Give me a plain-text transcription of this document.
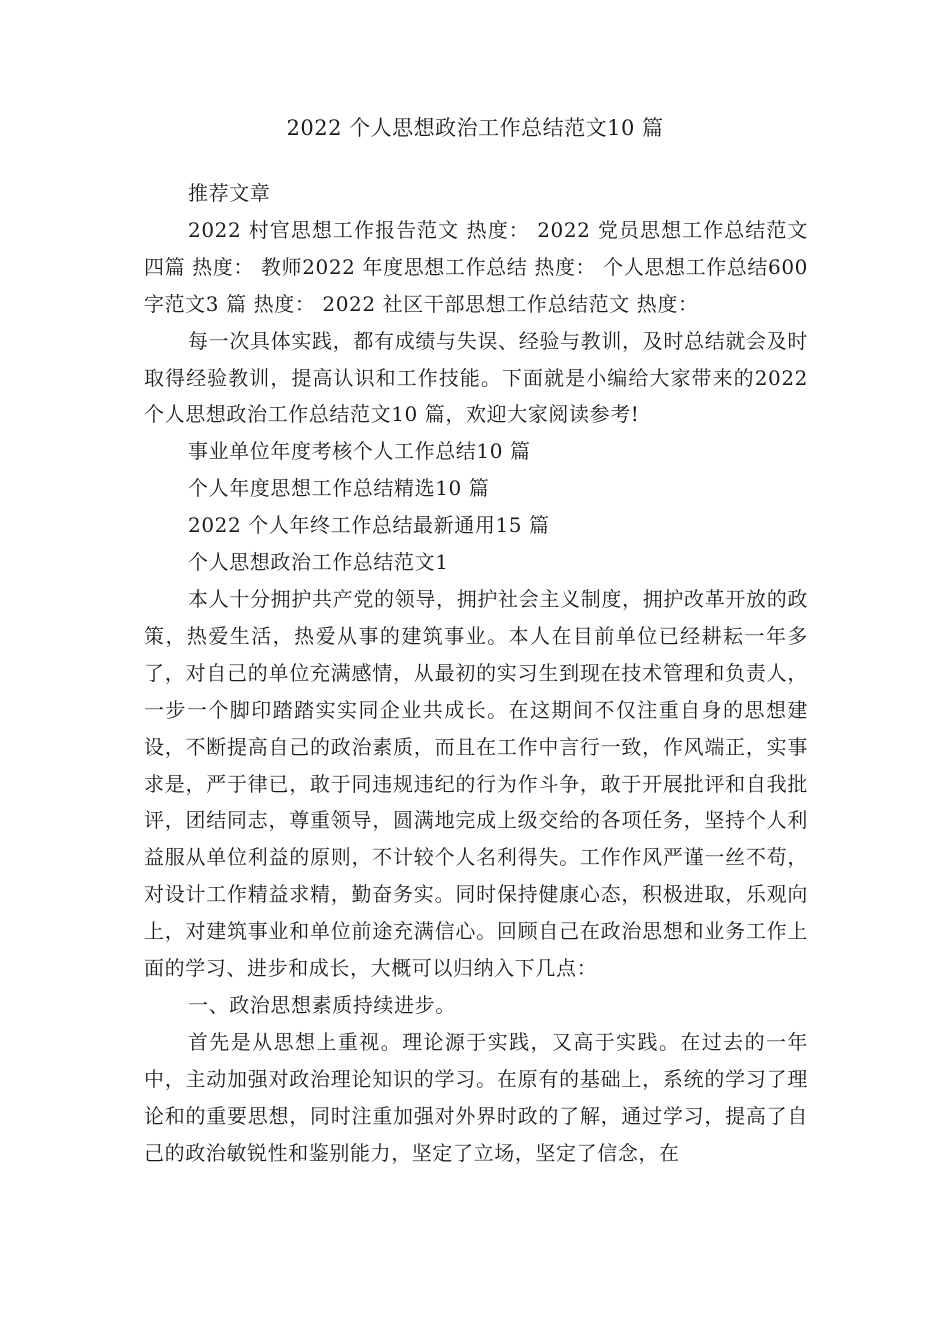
2022 个人思想政治工作总结范文10 篇

推荐文章

2022 村官思想工作报告范文 热度： 2022 党员思想工作总结范文四篇 热度： 教师2022 年度思想工作总结 热度： 个人思想工作总结600 字范文3 篇 热度： 2022 社区干部思想工作总结范文 热度：

每一次具体实践，都有成绩与失误、经验与教训，及时总结就会及时取得经验教训，提高认识和工作技能。下面就是小编给大家带来的2022 个人思想政治工作总结范文10 篇，欢迎大家阅读参考!

事业单位年度考核个人工作总结10 篇

个人年度思想工作总结精选10 篇

2022 个人年终工作总结最新通用15 篇

个人思想政治工作总结范文1

本人十分拥护共产党的领导，拥护社会主义制度，拥护改革开放的政策，热爱生活，热爱从事的建筑事业。本人在目前单位已经耕耘一年多了，对自己的单位充满感情，从最初的实习生到现在技术管理和负责人，一步一个脚印踏踏实实同企业共成长。在这期间不仅注重自身的思想建设，不断提高自己的政治素质，而且在工作中言行一致，作风端正，实事求是，严于律已，敢于同违规违纪的行为作斗争，敢于开展批评和自我批评，团结同志，尊重领导，圆满地完成上级交给的各项任务，坚持个人利益服从单位利益的原则，不计较个人名利得失。工作作风严谨一丝不苟，对设计工作精益求精，勤奋务实。同时保持健康心态，积极进取，乐观向上，对建筑事业和单位前途充满信心。回顾自己在政治思想和业务工作上面的学习、进步和成长，大概可以归纳入下几点：

一、政治思想素质持续进步。

首先是从思想上重视。理论源于实践，又高于实践。在过去的一年中，主动加强对政治理论知识的学习。在原有的基础上，系统的学习了理论和的重要思想，同时注重加强对外界时政的了解，通过学习，提高了自己的政治敏锐性和鉴别能力，坚定了立场，坚定了信念，在
